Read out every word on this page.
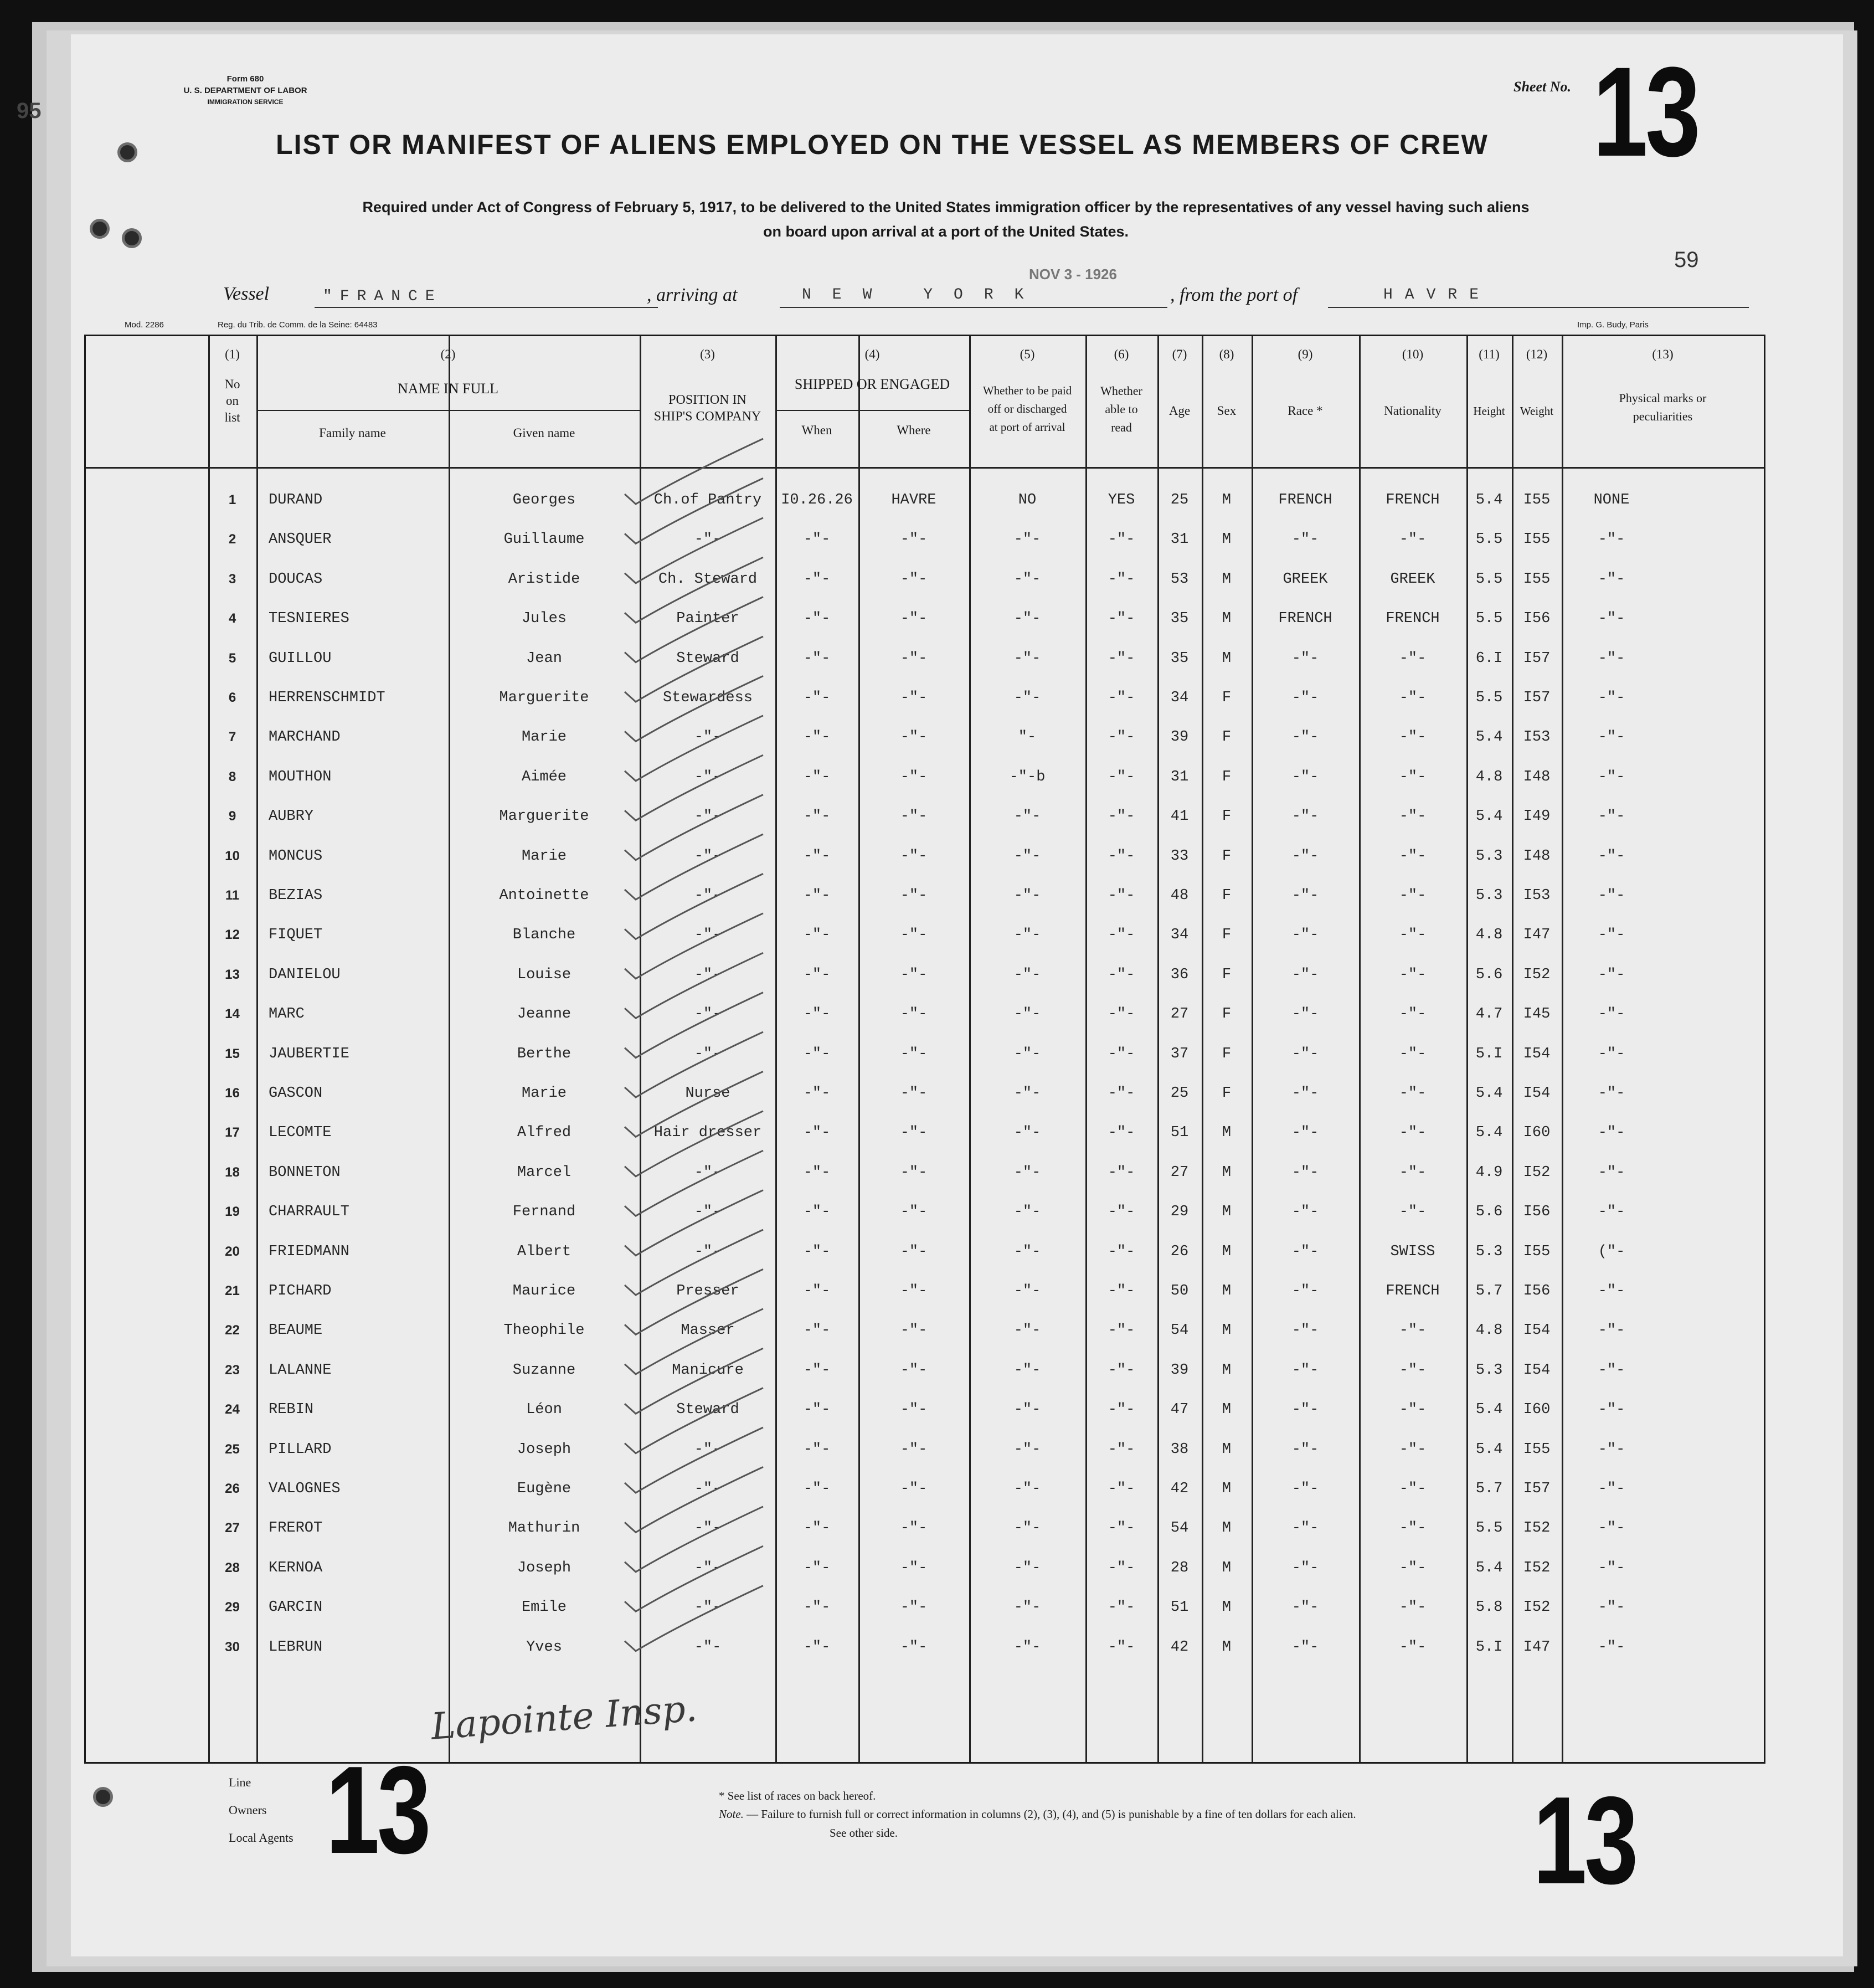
95
Form 680
U. S. DEPARTMENT OF LABOR
IMMIGRATION SERVICE
Sheet No. 13
LIST OR MANIFEST OF ALIENS EMPLOYED ON THE VESSEL AS MEMBERS OF CREW
Required under Act of Congress of February 5, 1917, to be delivered to the United States immigration officer by the representatives of any vessel having such aliens
on board upon arrival at a port of the United States.
59
NOV 3 - 1926
Vessel	"FRANCE	, arriving at	NEW YORK	, from the port of	HAVRE
Mod. 2286	Reg. du Trib. de Comm. de la Seine: 64483	Imp. G. Budy, Paris
(1)
No
on
list
(2)
NAME IN FULL
Family name	Given name
(3)
POSITION IN
SHIP'S COMPANY
(4)
SHIPPED OR ENGAGED
When	Where
(5)
Whether to be paid
off or discharged
at port of arrival
(6)
Whether
able to
read
(7)
Age
(8)
Sex
(9)
Race *
(10)
Nationality
(11)
Height
(12)
Weight
(13)
Physical marks or
peculiarities
1	DURAND	Georges	Ch.of Pantry	I0.26.26	HAVRE	NO	YES	25	M	FRENCH	FRENCH	5.4	I55	NONE
2	ANSQUER	Guillaume	-"-	-"-	-"-	-"-	-"-	31	M	-"-	-"-	5.5	I55	-"-
3	DOUCAS	Aristide	Ch. Steward	-"-	-"-	-"-	-"-	53	M	GREEK	GREEK	5.5	I55	-"-
4	TESNIERES	Jules	Painter	-"-	-"-	-"-	-"-	35	M	FRENCH	FRENCH	5.5	I56	-"-
5	GUILLOU	Jean	Steward	-"-	-"-	-"-	-"-	35	M	-"-	-"-	6.I	I57	-"-
6	HERRENSCHMIDT	Marguerite	Stewardess	-"-	-"-	-"-	-"-	34	F	-"-	-"-	5.5	I57	-"-
7	MARCHAND	Marie	-"-	-"-	-"-	"-	-"-	39	F	-"-	-"-	5.4	I53	-"-
8	MOUTHON	Aimée	-"-	-"-	-"-	-"-b	-"-	31	F	-"-	-"-	4.8	I48	-"-
9	AUBRY	Marguerite	-"-	-"-	-"-	-"-	-"-	41	F	-"-	-"-	5.4	I49	-"-
10	MONCUS	Marie	-"-	-"-	-"-	-"-	-"-	33	F	-"-	-"-	5.3	I48	-"-
11	BEZIAS	Antoinette	-"-	-"-	-"-	-"-	-"-	48	F	-"-	-"-	5.3	I53	-"-
12	FIQUET	Blanche	-"-	-"-	-"-	-"-	-"-	34	F	-"-	-"-	4.8	I47	-"-
13	DANIELOU	Louise	-"-	-"-	-"-	-"-	-"-	36	F	-"-	-"-	5.6	I52	-"-
14	MARC	Jeanne	-"-	-"-	-"-	-"-	-"-	27	F	-"-	-"-	4.7	I45	-"-
15	JAUBERTIE	Berthe	-"-	-"-	-"-	-"-	-"-	37	F	-"-	-"-	5.I	I54	-"-
16	GASCON	Marie	Nurse	-"-	-"-	-"-	-"-	25	F	-"-	-"-	5.4	I54	-"-
17	LECOMTE	Alfred	Hair dresser	-"-	-"-	-"-	-"-	51	M	-"-	-"-	5.4	I60	-"-
18	BONNETON	Marcel	-"-	-"-	-"-	-"-	-"-	27	M	-"-	-"-	4.9	I52	-"-
19	CHARRAULT	Fernand	-"-	-"-	-"-	-"-	-"-	29	M	-"-	-"-	5.6	I56	-"-
20	FRIEDMANN	Albert	-"-	-"-	-"-	-"-	-"-	26	M	-"-	SWISS	5.3	I55	("-
21	PICHARD	Maurice	Presser	-"-	-"-	-"-	-"-	50	M	-"-	FRENCH	5.7	I56	-"-
22	BEAUME	Theophile	Masser	-"-	-"-	-"-	-"-	54	M	-"-	-"-	4.8	I54	-"-
23	LALANNE	Suzanne	Manicure	-"-	-"-	-"-	-"-	39	M	-"-	-"-	5.3	I54	-"-
24	REBIN	Léon	Steward	-"-	-"-	-"-	-"-	47	M	-"-	-"-	5.4	I60	-"-
25	PILLARD	Joseph	-"-	-"-	-"-	-"-	-"-	38	M	-"-	-"-	5.4	I55	-"-
26	VALOGNES	Eugène	-"-	-"-	-"-	-"-	-"-	42	M	-"-	-"-	5.7	I57	-"-
27	FREROT	Mathurin	-"-	-"-	-"-	-"-	-"-	54	M	-"-	-"-	5.5	I52	-"-
28	KERNOA	Joseph	-"-	-"-	-"-	-"-	-"-	28	M	-"-	-"-	5.4	I52	-"-
29	GARCIN	Emile	-"-	-"-	-"-	-"-	-"-	51	M	-"-	-"-	5.8	I52	-"-
30	LEBRUN	Yves	-"-	-"-	-"-	-"-	-"-	42	M	-"-	-"-	5.I	I47	-"-
Lapointe Insp.
Line
Owners
Local Agents 13	* See list of races on back hereof.
Note. — Failure to furnish full or correct information in columns (2), (3), (4), and (5) is punishable by a fine of ten dollars for each alien.
See other side.	13
